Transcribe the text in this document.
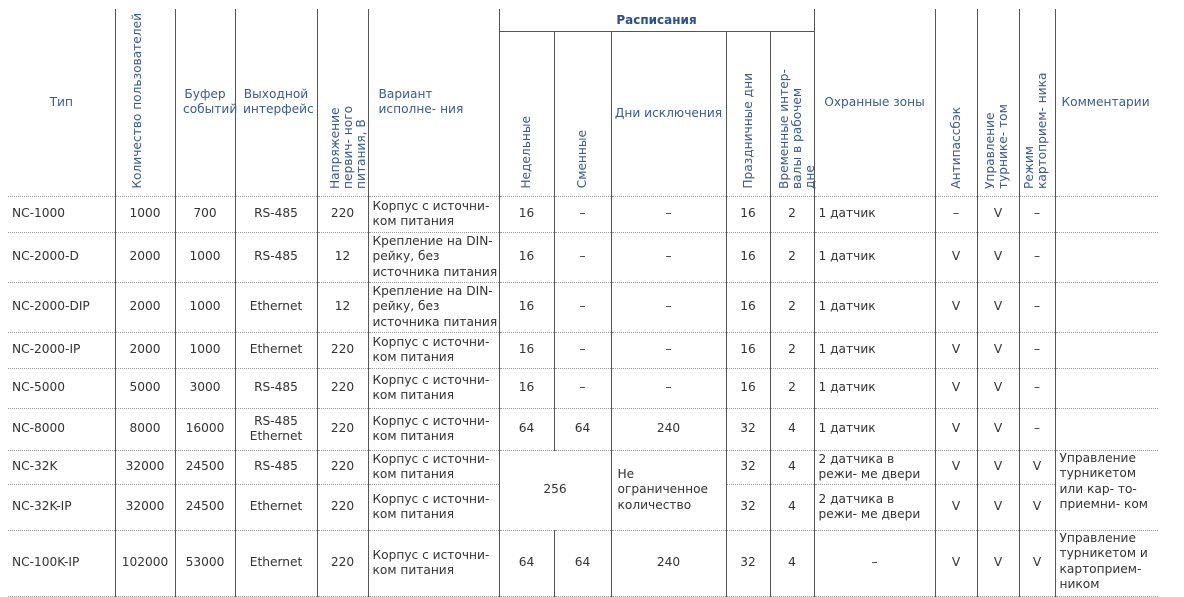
Тип	Количество пользователей	Буфер событий	Выходной интерфейс	Напряжение первич- ного питания, В	Вариант исполне- ния	Расписания					Охранные зоны	Антипассбэк	Управление турнике- том	Режим картоприем- ника	Комментарии
						Недельные	Сменные	Дни исключения	Праздничные дни	Временные интер- валы в рабочем дне					
NC-1000	1000	700	RS-485	220	Корпус с источни- ком питания	16	–	–	16	2	1 датчик	–	V	–	
NC-2000-D	2000	1000	RS-485	12	Крепление на DIN-рейку, без источника питания	16	–	–	16	2	1 датчик	V	V	–	
NC-2000-DIP	2000	1000	Ethernet	12	Крепление на DIN-рейку, без источника питания	16	–	–	16	2	1 датчик	V	V	–	
NC-2000-IP	2000	1000	Ethernet	220	Корпус с источни- ком питания	16	–	–	16	2	1 датчик	V	V	–	
NC-5000	5000	3000	RS-485	220	Корпус с источни- ком питания	16	–	–	16	2	1 датчик	V	V	–	
NC-8000	8000	16000	RS-485 Ethernet	220	Корпус с источни- ком питания	64	64	240	32	4	1 датчик	V	V	–	
NC-32K	32000	24500	RS-485	220	Корпус с источни- ком питания	256		Не ограниченное количество	32	4	2 датчика в режи- ме двери	V	V	V	Управление турникетом или кар- то-приемни- ком
NC-32K-IP	32000	24500	Ethernet	220	Корпус с источни- ком питания				32	4	2 датчика в режи- ме двери	V	V	V	
NC-100K-IP	102000	53000	Ethernet	220	Корпус с источни- ком питания	64	64	240	32	4	–	V	V	V	Управление турникетом и картоприем- ником
